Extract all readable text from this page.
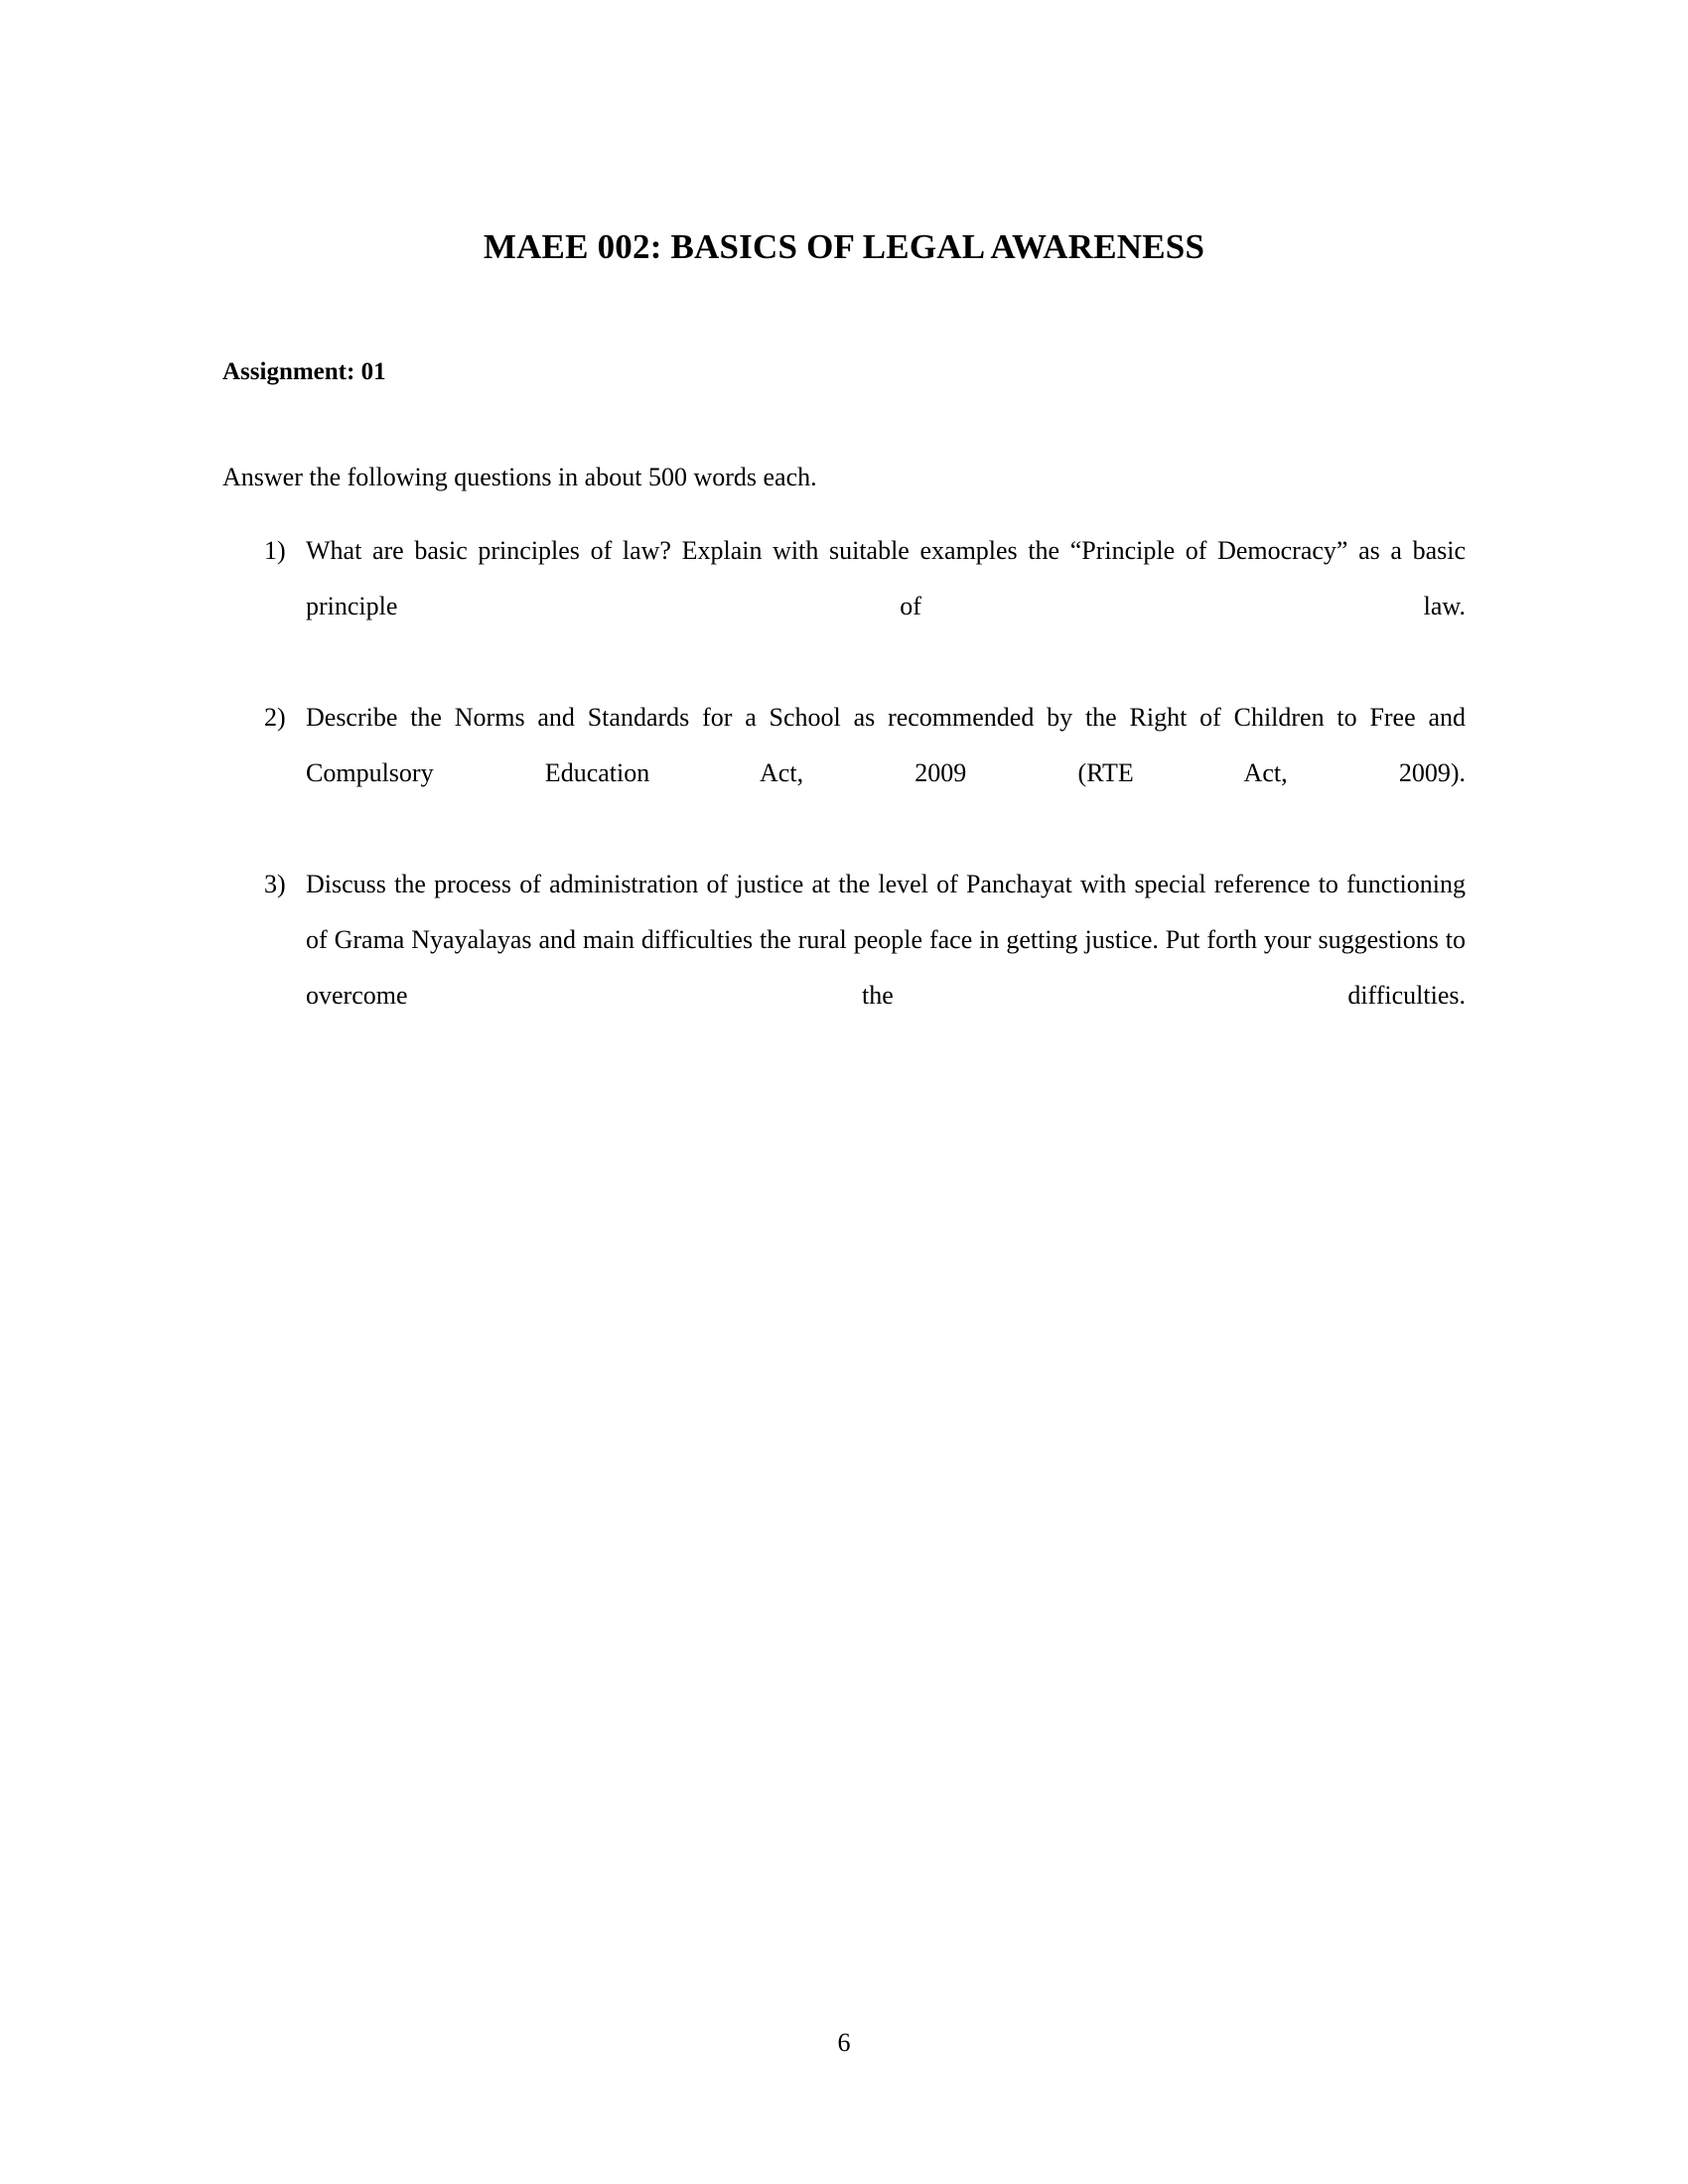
MAEE 002: BASICS OF LEGAL AWARENESS
Assignment: 01
Answer the following questions in about 500 words each.
1) What are basic principles of law? Explain with suitable examples the “Principle of Democracy” as a basic principle of law.
2) Describe the Norms and Standards for a School as recommended by the Right of Children to Free and Compulsory Education Act, 2009 (RTE Act, 2009).
3) Discuss the process of administration of justice at the level of Panchayat with special reference to functioning of Grama Nyayalayas and main difficulties the rural people face in getting justice. Put forth your suggestions to overcome the difficulties.
6
